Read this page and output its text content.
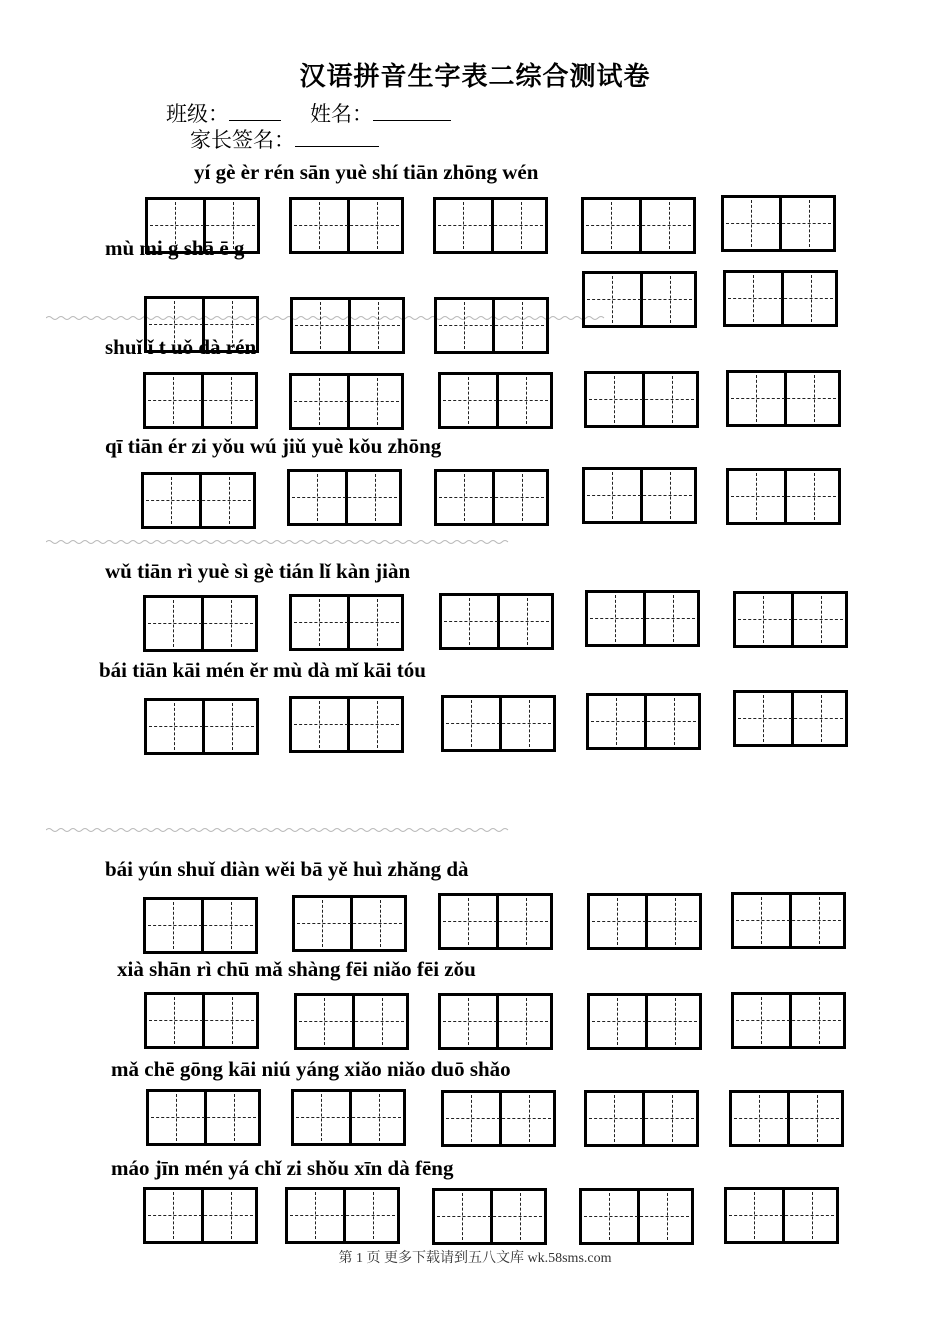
汉语拼音生字表二综合测试卷
班级：	姓名：
家长签名：
yí gè èr rén sān yuè shí tiān zhōng wén
mù mi g shā ē g
shuǐ ǐ t uǒ dà rén
qī tiān ér zi yǒu wú jiǔ yuè kǒu zhōng
wǔ tiān rì yuè sì gè tián lǐ kàn jiàn
bái tiān kāi mén ěr mù dà mǐ kāi tóu
bái yún shuǐ diàn wěi bā yě huì zhǎng dà
xià shān rì chū mǎ shàng fēi niǎo fēi zǒu
mǎ chē gōng kāi niú yáng xiǎo niǎo duō shǎo
máo jīn mén yá chǐ zi shǒu xīn dà fēng
第 1 页 更多下载请到五八文库 wk.58sms.com
